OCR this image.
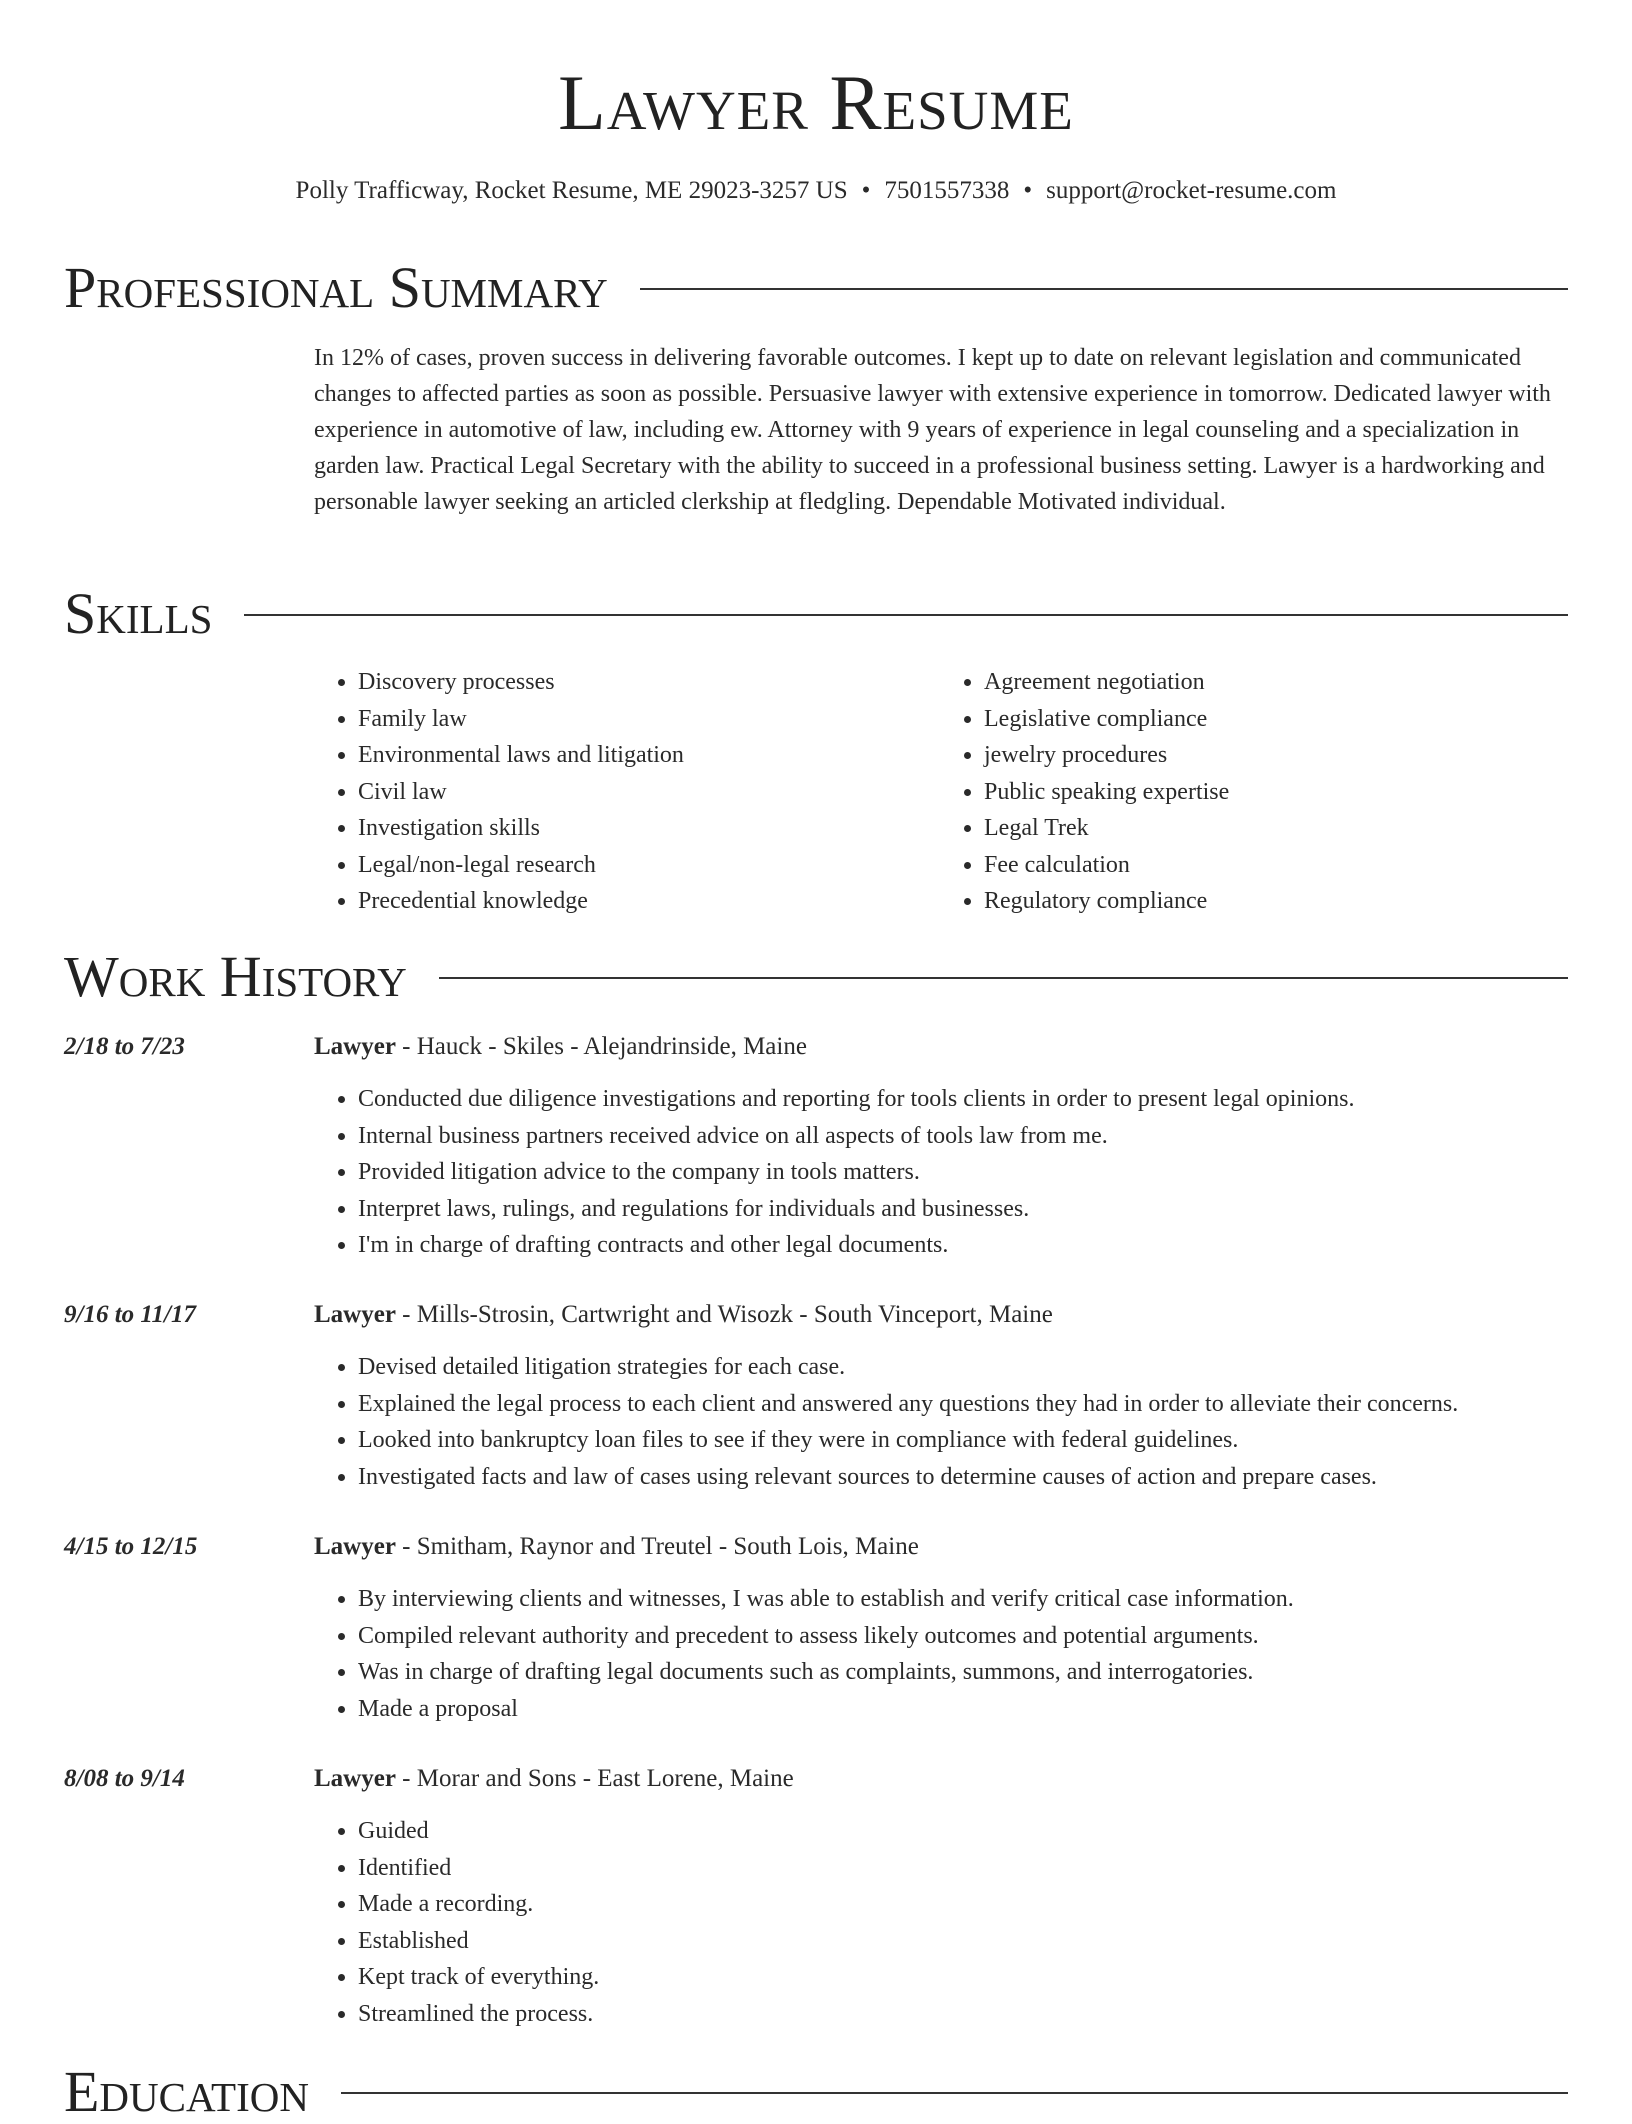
Lawyer Resume
Polly Trafficway, Rocket Resume, ME 29023-3257 US • 7501557338 • support@rocket-resume.com
Professional Summary
In 12% of cases, proven success in delivering favorable outcomes. I kept up to date on relevant legislation and communicated changes to affected parties as soon as possible. Persuasive lawyer with extensive experience in tomorrow. Dedicated lawyer with experience in automotive of law, including ew. Attorney with 9 years of experience in legal counseling and a specialization in garden law. Practical Legal Secretary with the ability to succeed in a professional business setting. Lawyer is a hardworking and personable lawyer seeking an articled clerkship at fledgling. Dependable Motivated individual.
Skills
• Discovery processes
• Family law
• Environmental laws and litigation
• Civil law
• Investigation skills
• Legal/non-legal research
• Precedential knowledge
• Agreement negotiation
• Legislative compliance
• jewelry procedures
• Public speaking expertise
• Legal Trek
• Fee calculation
• Regulatory compliance
Work History
2/18 to 7/23	Lawyer - Hauck - Skiles - Alejandrinside, Maine
• Conducted due diligence investigations and reporting for tools clients in order to present legal opinions.
• Internal business partners received advice on all aspects of tools law from me.
• Provided litigation advice to the company in tools matters.
• Interpret laws, rulings, and regulations for individuals and businesses.
• I'm in charge of drafting contracts and other legal documents.
9/16 to 11/17	Lawyer - Mills-Strosin, Cartwright and Wisozk - South Vinceport, Maine
• Devised detailed litigation strategies for each case.
• Explained the legal process to each client and answered any questions they had in order to alleviate their concerns.
• Looked into bankruptcy loan files to see if they were in compliance with federal guidelines.
• Investigated facts and law of cases using relevant sources to determine causes of action and prepare cases.
4/15 to 12/15	Lawyer - Smitham, Raynor and Treutel - South Lois, Maine
• By interviewing clients and witnesses, I was able to establish and verify critical case information.
• Compiled relevant authority and precedent to assess likely outcomes and potential arguments.
• Was in charge of drafting legal documents such as complaints, summons, and interrogatories.
• Made a proposal
8/08 to 9/14	Lawyer - Morar and Sons - East Lorene, Maine
• Guided
• Identified
• Made a recording.
• Established
• Kept track of everything.
• Streamlined the process.
Education
